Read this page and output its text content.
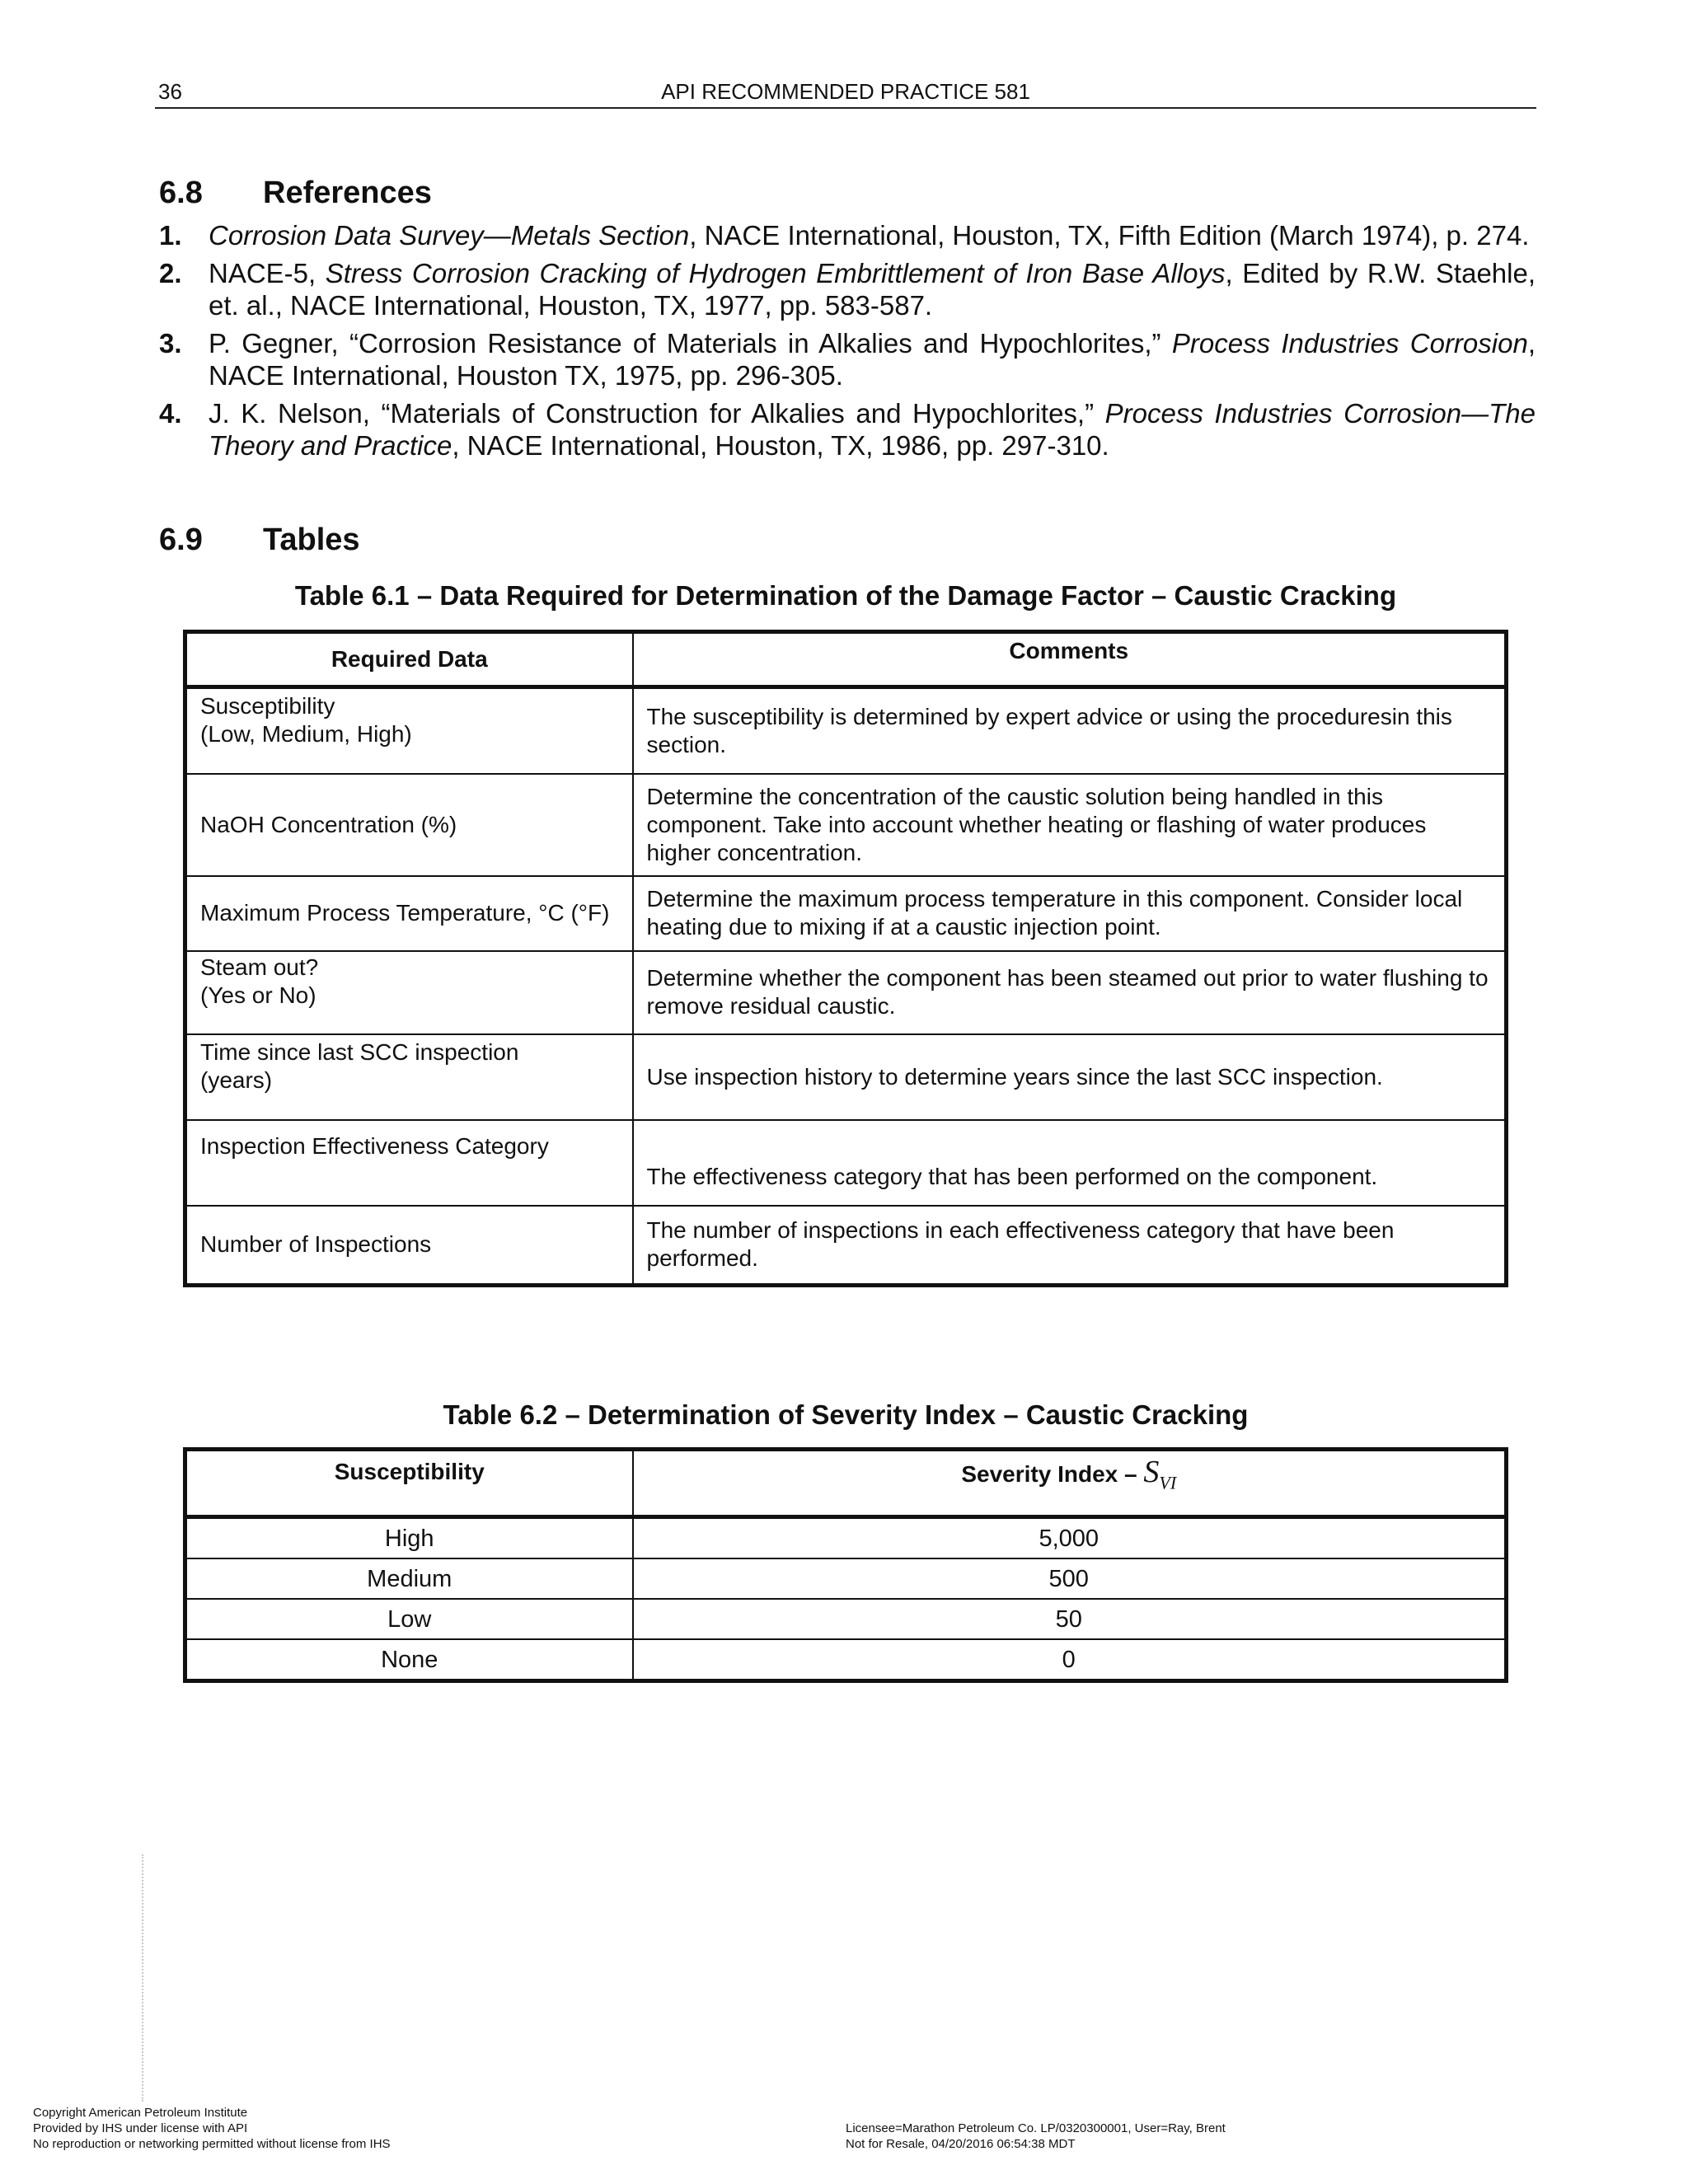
36	API RECOMMENDED PRACTICE 581
6.8 References
1. Corrosion Data Survey—Metals Section, NACE International, Houston, TX, Fifth Edition (March 1974), p. 274.
2. NACE-5, Stress Corrosion Cracking of Hydrogen Embrittlement of Iron Base Alloys, Edited by R.W. Staehle, et. al., NACE International, Houston, TX, 1977, pp. 583-587.
3. P. Gegner, “Corrosion Resistance of Materials in Alkalies and Hypochlorites,” Process Industries Corrosion, NACE International, Houston TX, 1975, pp. 296-305.
4. J. K. Nelson, “Materials of Construction for Alkalies and Hypochlorites,” Process Industries Corrosion—The Theory and Practice, NACE International, Houston, TX, 1986, pp. 297-310.
6.9 Tables
Table 6.1 – Data Required for Determination of the Damage Factor – Caustic Cracking
Required Data	Comments

Susceptibility
(Low, Medium, High)	The susceptibility is determined by expert advice or using the proceduresin this section.

NaOH Concentration (%)	Determine the concentration of the caustic solution being handled in this component. Take into account whether heating or flashing of water produces higher concentration.

Maximum Process Temperature, °C (°F)	Determine the maximum process temperature in this component. Consider local heating due to mixing if at a caustic injection point.

Steam out?
(Yes or No)	Determine whether the component has been steamed out prior to water flushing to remove residual caustic.

Time since last SCC inspection
(years)	Use inspection history to determine years since the last SCC inspection.

Inspection Effectiveness Category	The effectiveness category that has been performed on the component.

Number of Inspections	The number of inspections in each effectiveness category that have been performed.
Table 6.2 – Determination of Severity Index – Caustic Cracking
Susceptibility	Severity Index – $S_{VI}$
High	5,000
Medium	500
Low	50
None	0
Copyright American Petroleum Institute
Provided by IHS under license with API
No reproduction or networking permitted without license from IHS
Licensee=Marathon Petroleum Co. LP/0320300001, User=Ray, Brent
Not for Resale, 04/20/2016 06:54:38 MDT
